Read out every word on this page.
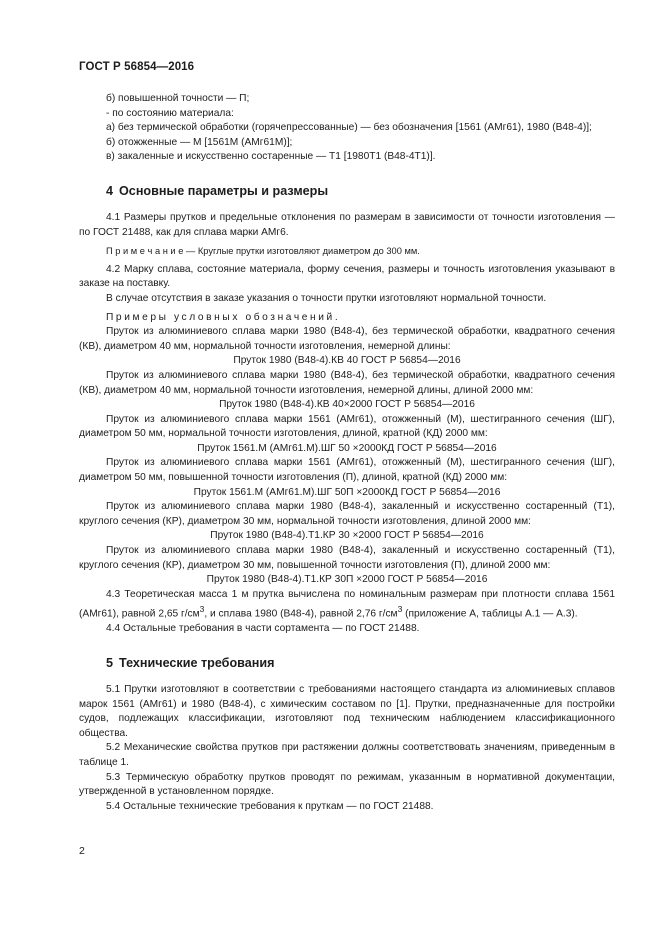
ГОСТ Р 56854—2016

б) повышенной точности — П;

- по состоянию материала:

а) без термической обработки (горячепрессованные) — без обозначения [1561 (АМг61), 1980 (В48-4)];

б) отожженные — М [1561М (АМг61М)];

в) закаленные и искусственно состаренные — Т1 [1980Т1 (В48-4Т1)].

4 Основные параметры и размеры

4.1 Размеры прутков и предельные отклонения по размерам в зависимости от точности изготовления — по ГОСТ 21488, как для сплава марки АМг6.

П р и м е ч а н и е — Круглые прутки изготовляют диаметром до 300 мм.

4.2 Марку сплава, состояние материала, форму сечения, размеры и точность изготовления указывают в заказе на поставку.

В случае отсутствия в заказе указания о точности прутки изготовляют нормальной точности.

Примеры условных обозначений.

Пруток из алюминиевого сплава марки 1980 (В48-4), без термической обработки, квадратного сечения (КВ), диаметром 40 мм, нормальной точности изготовления, немерной длины:

Пруток 1980 (В48-4).КВ 40 ГОСТ Р 56854—2016

Пруток из алюминиевого сплава марки 1980 (В48-4), без термической обработки, квадратного сечения (КВ), диаметром 40 мм, нормальной точности изготовления, немерной длины, длиной 2000 мм:

Пруток 1980 (В48-4).КВ 40×2000 ГОСТ Р 56854—2016

Пруток из алюминиевого сплава марки 1561 (АМг61), отожженный (М), шестигранного сечения (ШГ), диаметром 50 мм, нормальной точности изготовления, длиной, кратной (КД) 2000 мм:

Пруток 1561.М (АМг61.М).ШГ 50 ×2000КД ГОСТ Р 56854—2016

Пруток из алюминиевого сплава марки 1561 (АМг61), отожженный (М), шестигранного сечения (ШГ), диаметром 50 мм, повышенной точности изготовления (П), длиной, кратной (КД) 2000 мм:

Пруток 1561.М (АМг61.М).ШГ 50П ×2000КД ГОСТ Р 56854—2016

Пруток из алюминиевого сплава марки 1980 (В48-4), закаленный и искусственно состаренный (Т1), круглого сечения (КР), диаметром 30 мм, нормальной точности изготовления, длиной 2000 мм:

Пруток 1980 (В48-4).Т1.КР 30 ×2000 ГОСТ Р 56854—2016

Пруток из алюминиевого сплава марки 1980 (В48-4), закаленный и искусственно состаренный (Т1), круглого сечения (КР), диаметром 30 мм, повышенной точности изготовления (П), длиной 2000 мм:

Пруток 1980 (В48-4).Т1.КР 30П ×2000 ГОСТ Р 56854—2016

4.3 Теоретическая масса 1 м прутка вычислена по номинальным размерам при плотности сплава 1561 (АМг61), равной 2,65 $г/см^3$, и сплава 1980 (В48-4), равной 2,76 $г/см^3$ (приложение А, таблицы А.1 — А.3).

4.4 Остальные требования в части сортамента — по ГОСТ 21488.

5 Технические требования

5.1 Прутки изготовляют в соответствии с требованиями настоящего стандарта из алюминиевых сплавов марок 1561 (АМг61) и 1980 (В48-4), с химическим составом по [1]. Прутки, предназначенные для постройки судов, подлежащих классификации, изготовляют под техническим наблюдением классификационного общества.

5.2 Механические свойства прутков при растяжении должны соответствовать значениям, приведенным в таблице 1.

5.3 Термическую обработку прутков проводят по режимам, указанным в нормативной документации, утвержденной в установленном порядке.

5.4 Остальные технические требования к пруткам — по ГОСТ 21488.

2
